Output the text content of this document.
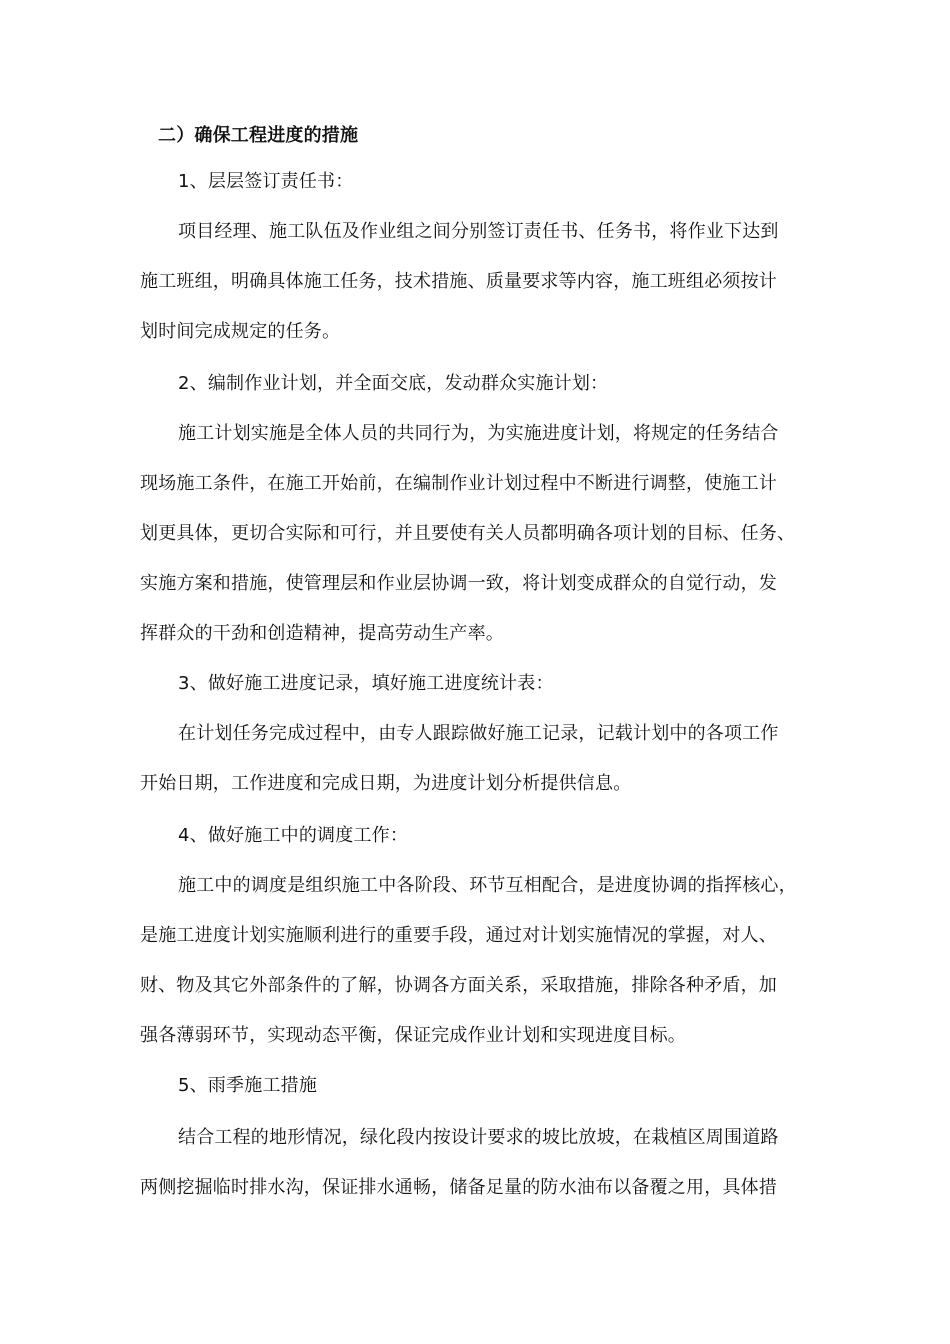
二）确保工程进度的措施
1、层层签订责任书：
项目经理、施工队伍及作业组之间分别签订责任书、任务书，将作业下达到
施工班组，明确具体施工任务，技术措施、质量要求等内容，施工班组必须按计
划时间完成规定的任务。
2、编制作业计划，并全面交底，发动群众实施计划：
施工计划实施是全体人员的共同行为，为实施进度计划，将规定的任务结合
现场施工条件，在施工开始前，在编制作业计划过程中不断进行调整，使施工计
划更具体，更切合实际和可行，并且要使有关人员都明确各项计划的目标、任务、
实施方案和措施，使管理层和作业层协调一致，将计划变成群众的自觉行动，发
挥群众的干劲和创造精神，提高劳动生产率。
3、做好施工进度记录，填好施工进度统计表：
在计划任务完成过程中，由专人跟踪做好施工记录，记载计划中的各项工作
开始日期，工作进度和完成日期，为进度计划分析提供信息。
4、做好施工中的调度工作：
施工中的调度是组织施工中各阶段、环节互相配合，是进度协调的指挥核心，
是施工进度计划实施顺利进行的重要手段，通过对计划实施情况的掌握，对人、
财、物及其它外部条件的了解，协调各方面关系，采取措施，排除各种矛盾，加
强各薄弱环节，实现动态平衡，保证完成作业计划和实现进度目标。
5、雨季施工措施
结合工程的地形情况，绿化段内按设计要求的坡比放坡，在栽植区周围道路
两侧挖掘临时排水沟，保证排水通畅，储备足量的防水油布以备覆之用，具体措
